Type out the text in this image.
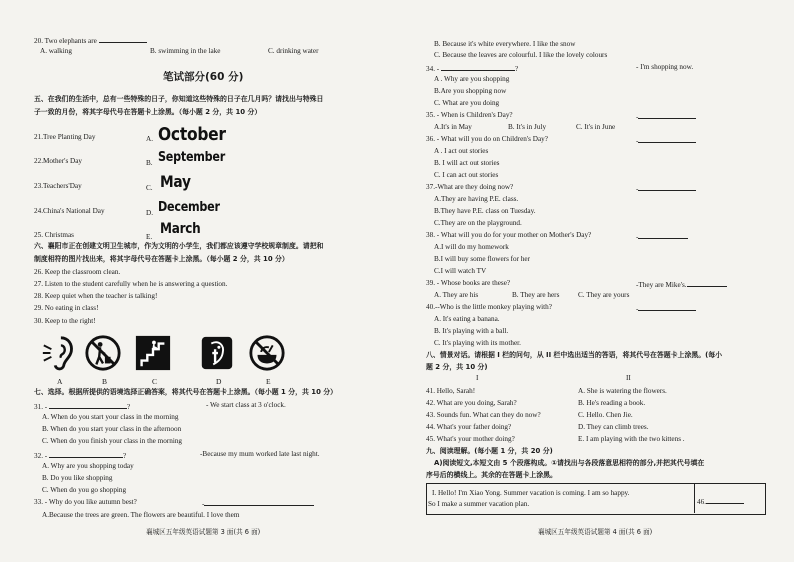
20. Two elephants are
A. walking	B. swimming in the lake	C. drinking water
笔试部分(60 分)
五、在我们的生活中，总有一些特殊的日子，你知道这些特殊的日子在几月吗？请找出与特殊日
子一致的月份，将其字母代号在答题卡上涂黑。（每小题 2 分，共 10 分）
21.Tree Planting Day	A. October
22.Mother's Day	B. September
23.Teachers'Day	C. May
24.China's National Day	D. December
25. Christmas	E. March
六、襄阳市正在创建文明卫生城市，作为文明的小学生，我们都应该遵守学校规章制度。请把和
制度相符的图片找出来，将其字母代号在答题卡上涂黑。（每小题 2 分，共 10 分）
26. Keep the classroom clean.
27. Listen to the student carefully when he is answering a question.
28. Keep quiet when the teacher is talking!
29. No eating in class!
30. Keep to the right!
A	B	C	D	E
七、选择。根据所提供的语境选择正确答案，将其代号在答题卡上涂黑。（每小题 1 分，共 10 分）
31. -	?	- We start class at 3 o'clock.
A. When do you start your class in the morning
B. When do you start your class in the afternoon
C. When do you finish your class in the morning
32. -	?	-Because my mum worked late last night.
A. Why are you shopping today
B. Do you like shopping
C. When do you go shopping
33. - Why do you like autumn best?	-
A.Because the trees are green. The flowers are beautiful. I love them
襄城区五年级英语试题第 3 面(共 6 面)
B. Because it's white everywhere. I like the snow
C. Because the leaves are colourful. I like the lovely colours
34. -	?	- I'm shopping now.
A . Why are you shopping
B.Are you shopping now
C. What are you doing
35. - When is Children's Day?	-
A.It's in May	B. It's in July	C. It's in June
36. - What will you do on Children's Day?	-
A . I act out stories
B. I will act out stories
C. I can act out stories
37.-What are they doing now?	-
A.They are having P.E. class.
B.They have P.E. class on Tuesday.
C.They are on the playground.
38. - What will you do for your mother on Mother's Day?	-
A.I will do my homework
B.I will buy some flowers for her
C.I will watch TV
39. - Whose books are these?	-They are Mike's.
A. They are his	B. They are hers	C. They are yours
40.--Who is the little monkey playing with?	-
A. It's eating a banana.
B. It's playing with a ball.
C. It's playing with its mother.
八、情景对话。请根据 I 栏的问句，从 II 栏中选出适当的答语，将其代号在答题卡上涂黑。(每小
题 2 分，共 10 分)
I	II
41. Hello, Sarah!	A. She is watering the flowers.
42. What are you doing, Sarah?	B. He's reading a book.
43. Sounds fun. What can they do now?	C. Hello. Chen Jie.
44. What's your father doing?	D. They can climb trees.
45. What's your mother doing?	E. I am playing with the two kittens .
九、阅读理解。(每小题 1 分，共 20 分)
A)阅读短文,本短文由 5 个段落构成。①请找出与各段落意思相符的部分,并把其代号填在
序号后的横线上。其余的在答题卡上涂黑。
I. Hello! I'm Xiao Yong. Summer vacation is coming. I am so happy.
So I make a summer vacation plan.	46.
襄城区五年级英语试题第 4 面(共 6 面)
